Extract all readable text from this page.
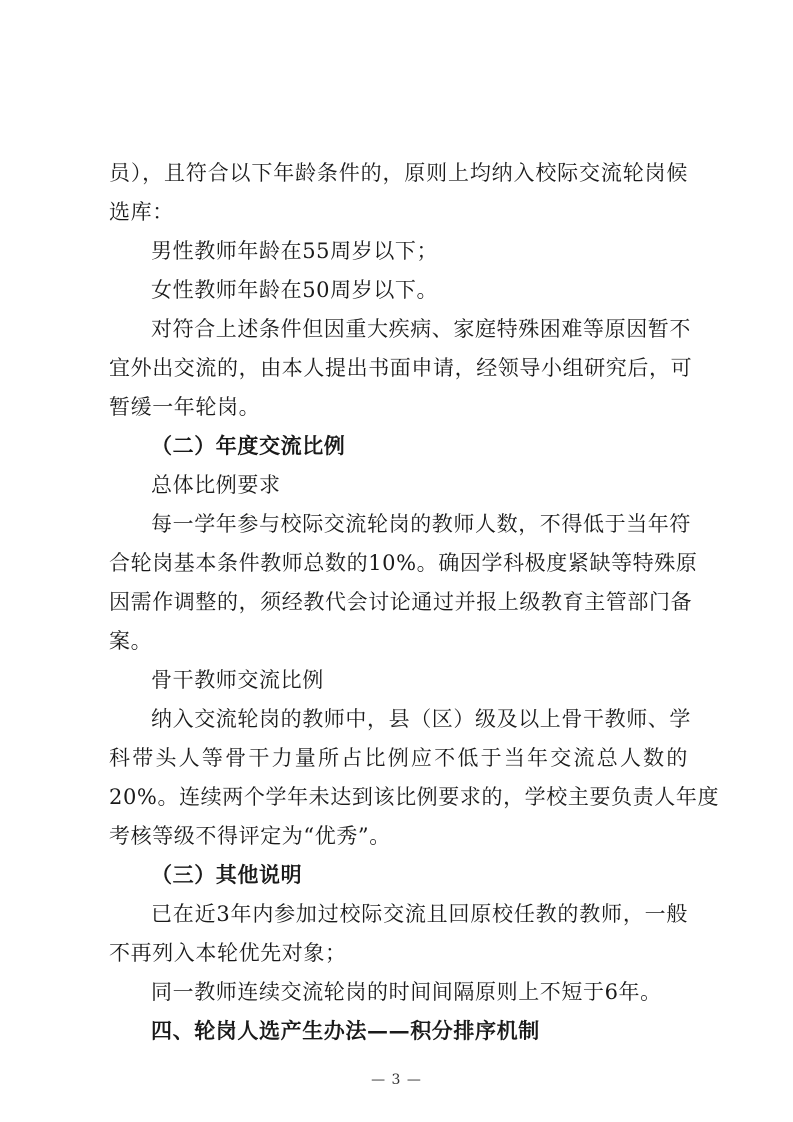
员），且符合以下年龄条件的，原则上均纳入校际交流轮岗候
选库：
男性教师年龄在55周岁以下；
女性教师年龄在50周岁以下。
对符合上述条件但因重大疾病、家庭特殊困难等原因暂不
宜外出交流的，由本人提出书面申请，经领导小组研究后，可
暂缓一年轮岗。
（二）年度交流比例
总体比例要求
每一学年参与校际交流轮岗的教师人数，不得低于当年符
合轮岗基本条件教师总数的10%。确因学科极度紧缺等特殊原
因需作调整的，须经教代会讨论通过并报上级教育主管部门备
案。
骨干教师交流比例
纳入交流轮岗的教师中，县（区）级及以上骨干教师、学
科带头人等骨干力量所占比例应不低于当年交流总人数的
20%。连续两个学年未达到该比例要求的，学校主要负责人年度
考核等级不得评定为“优秀”。
（三）其他说明
已在近3年内参加过校际交流且回原校任教的教师，一般
不再列入本轮优先对象；
同一教师连续交流轮岗的时间间隔原则上不短于6年。
四、轮岗人选产生办法——积分排序机制
— 3 —
